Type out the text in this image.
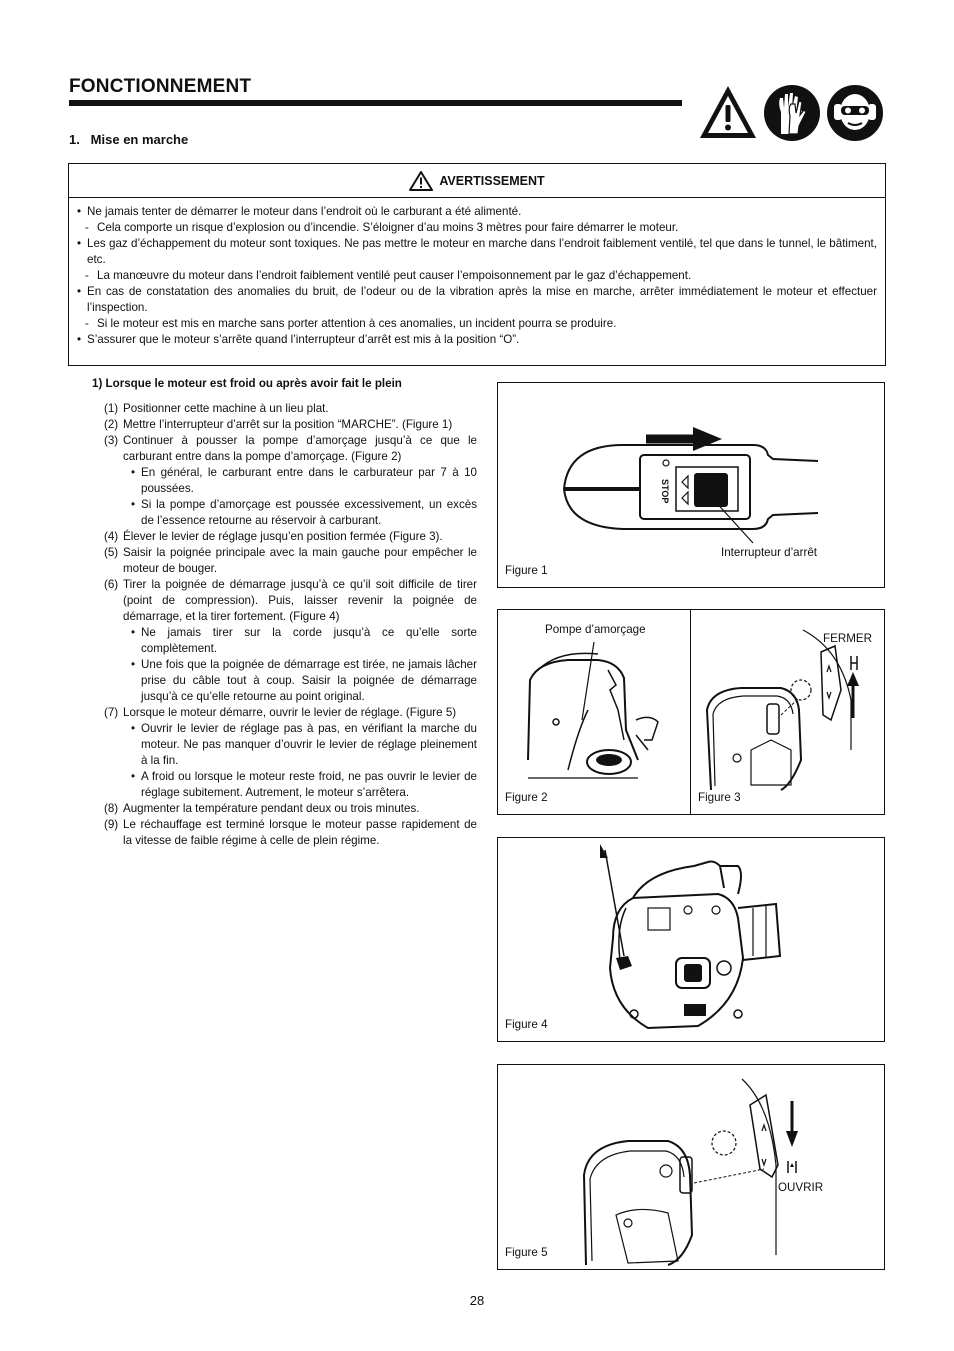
FONCTIONNEMENT
1.   Mise en marche
AVERTISSEMENT
• Ne jamais tenter de démarrer le moteur dans l’endroit où le carburant a été alimenté.
- Cela comporte un risque d’explosion ou d’incendie. S’éloigner d’au moins 3 mètres pour faire démarrer le moteur.
• Les gaz d’échappement du moteur sont toxiques. Ne pas mettre le moteur en marche dans l’endroit faiblement ventilé, tel que dans le tunnel, le bâtiment, etc.
- La manœuvre du moteur dans l’endroit faiblement ventilé peut causer l’empoisonnement par le gaz d’échappement.
• En cas de constatation des anomalies du bruit, de l’odeur ou de la vibration après la mise en marche, arrêter immédiatement le moteur et effectuer l’inspection.
- Si le moteur est mis en marche sans porter attention à ces anomalies, un incident pourra se produire.
• S’assurer que le moteur s’arrête quand l’interrupteur d’arrêt est mis à la position “O”.
1) Lorsque le moteur est froid ou après avoir fait le plein
(1) Positionner cette machine à un lieu plat.
(2) Mettre l’interrupteur d’arrêt sur la position “MARCHE”. (Figure 1)
(3) Continuer à pousser la pompe d’amorçage jusqu’à ce que le carburant entre dans la pompe d’amorçage. (Figure 2)
• En général, le carburant entre dans le carburateur par 7 à 10 poussées.
• Si la pompe d’amorçage est poussée excessivement, un excès de l’essence retourne au réservoir à carburant.
(4) Élever le levier de réglage jusqu’en position fermée (Figure 3).
(5) Saisir la poignée principale avec la main gauche pour empêcher le moteur de bouger.
(6) Tirer la poignée de démarrage jusqu’à ce qu’il soit difficile de tirer (point de compression). Puis, laisser revenir la poignée de démarrage, et la tirer fortement. (Figure 4)
• Ne jamais tirer sur la corde jusqu’à ce qu’elle sorte complètement.
• Une fois que la poignée de démarrage est tirée, ne jamais lâcher prise du câble tout à coup. Saisir la poignée de démarrage jusqu’à ce qu’elle retourne au point original.
(7) Lorsque le moteur démarre, ouvrir le levier de réglage. (Figure 5)
• Ouvrir le levier de réglage pas à pas, en vérifiant la marche du moteur. Ne pas manquer d’ouvrir le levier de réglage pleinement à la fin.
• A froid ou lorsque le moteur reste froid, ne pas ouvrir le levier de réglage subitement. Autrement, le moteur s’arrêtera.
(8) Augmenter la température pendant deux ou trois minutes.
(9) Le réchauffage est terminé lorsque le moteur passe rapidement de la vitesse de faible régime à celle de plein régime.
STOP
Interrupteur d’arrêt
Figure 1
Pompe d’amorçage
Figure 2
FERMER
Figure 3
Figure 4
OUVRIR
Figure 5
28
